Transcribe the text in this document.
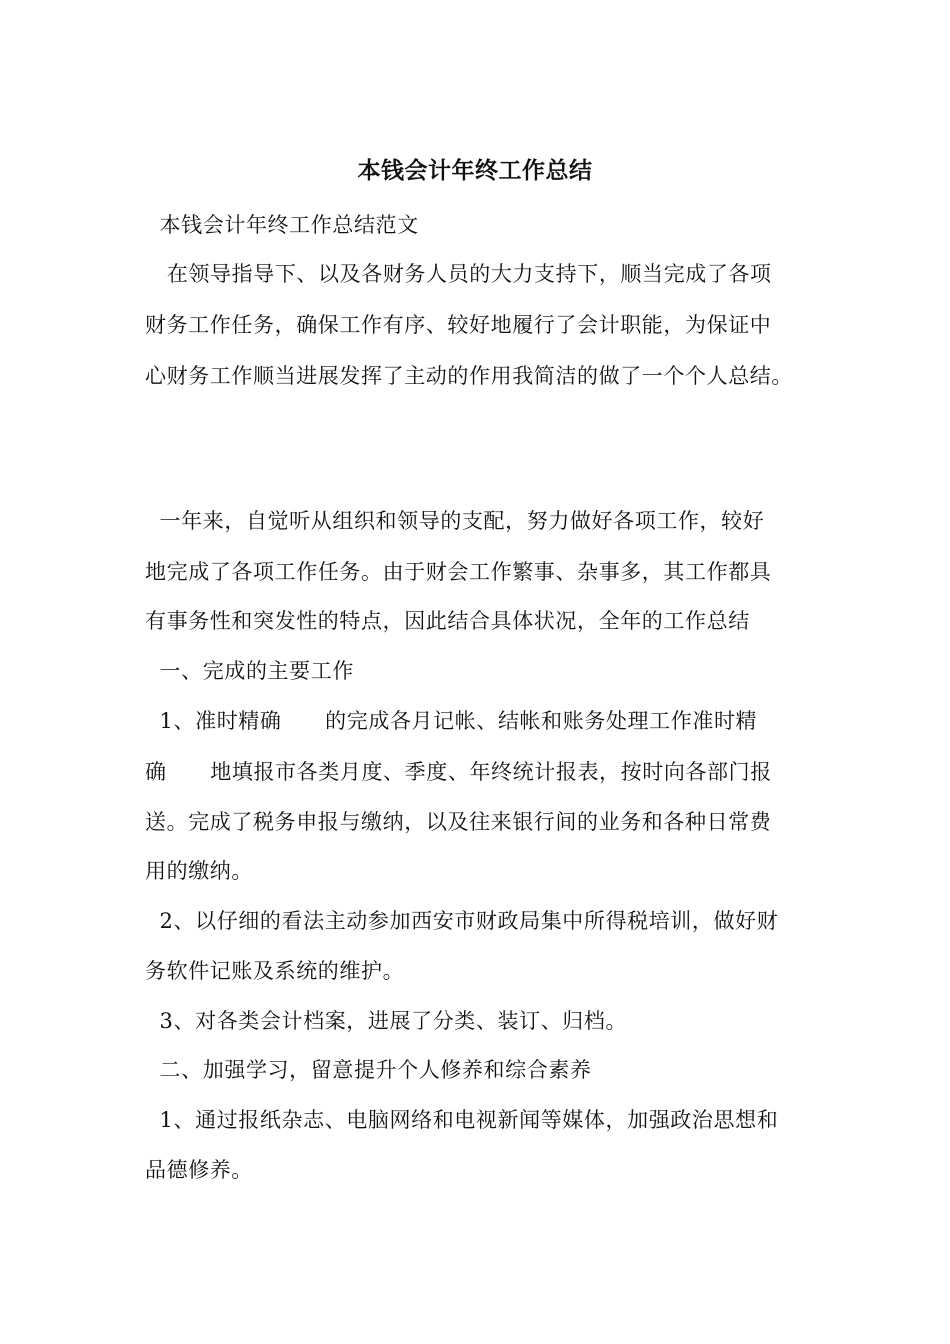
本钱会计年终工作总结
本钱会计年终工作总结范文
在领导指导下、以及各财务人员的大力支持下，顺当完成了各项
财务工作任务，确保工作有序、较好地履行了会计职能，为保证中
心财务工作顺当进展发挥了主动的作用我简洁的做了一个个人总结。
一年来，自觉听从组织和领导的支配，努力做好各项工作，较好
地完成了各项工作任务。由于财会工作繁事、杂事多，其工作都具
有事务性和突发性的特点，因此结合具体状况，全年的工作总结
一、完成的主要工作
1、准时精确      的完成各月记帐、结帐和账务处理工作准时精
确      地填报市各类月度、季度、年终统计报表，按时向各部门报
送。完成了税务申报与缴纳，以及往来银行间的业务和各种日常费
用的缴纳。
2、以仔细的看法主动参加西安市财政局集中所得税培训，做好财
务软件记账及系统的维护。
3、对各类会计档案，进展了分类、装订、归档。
二、加强学习，留意提升个人修养和综合素养
1、通过报纸杂志、电脑网络和电视新闻等媒体，加强政治思想和
品德修养。
